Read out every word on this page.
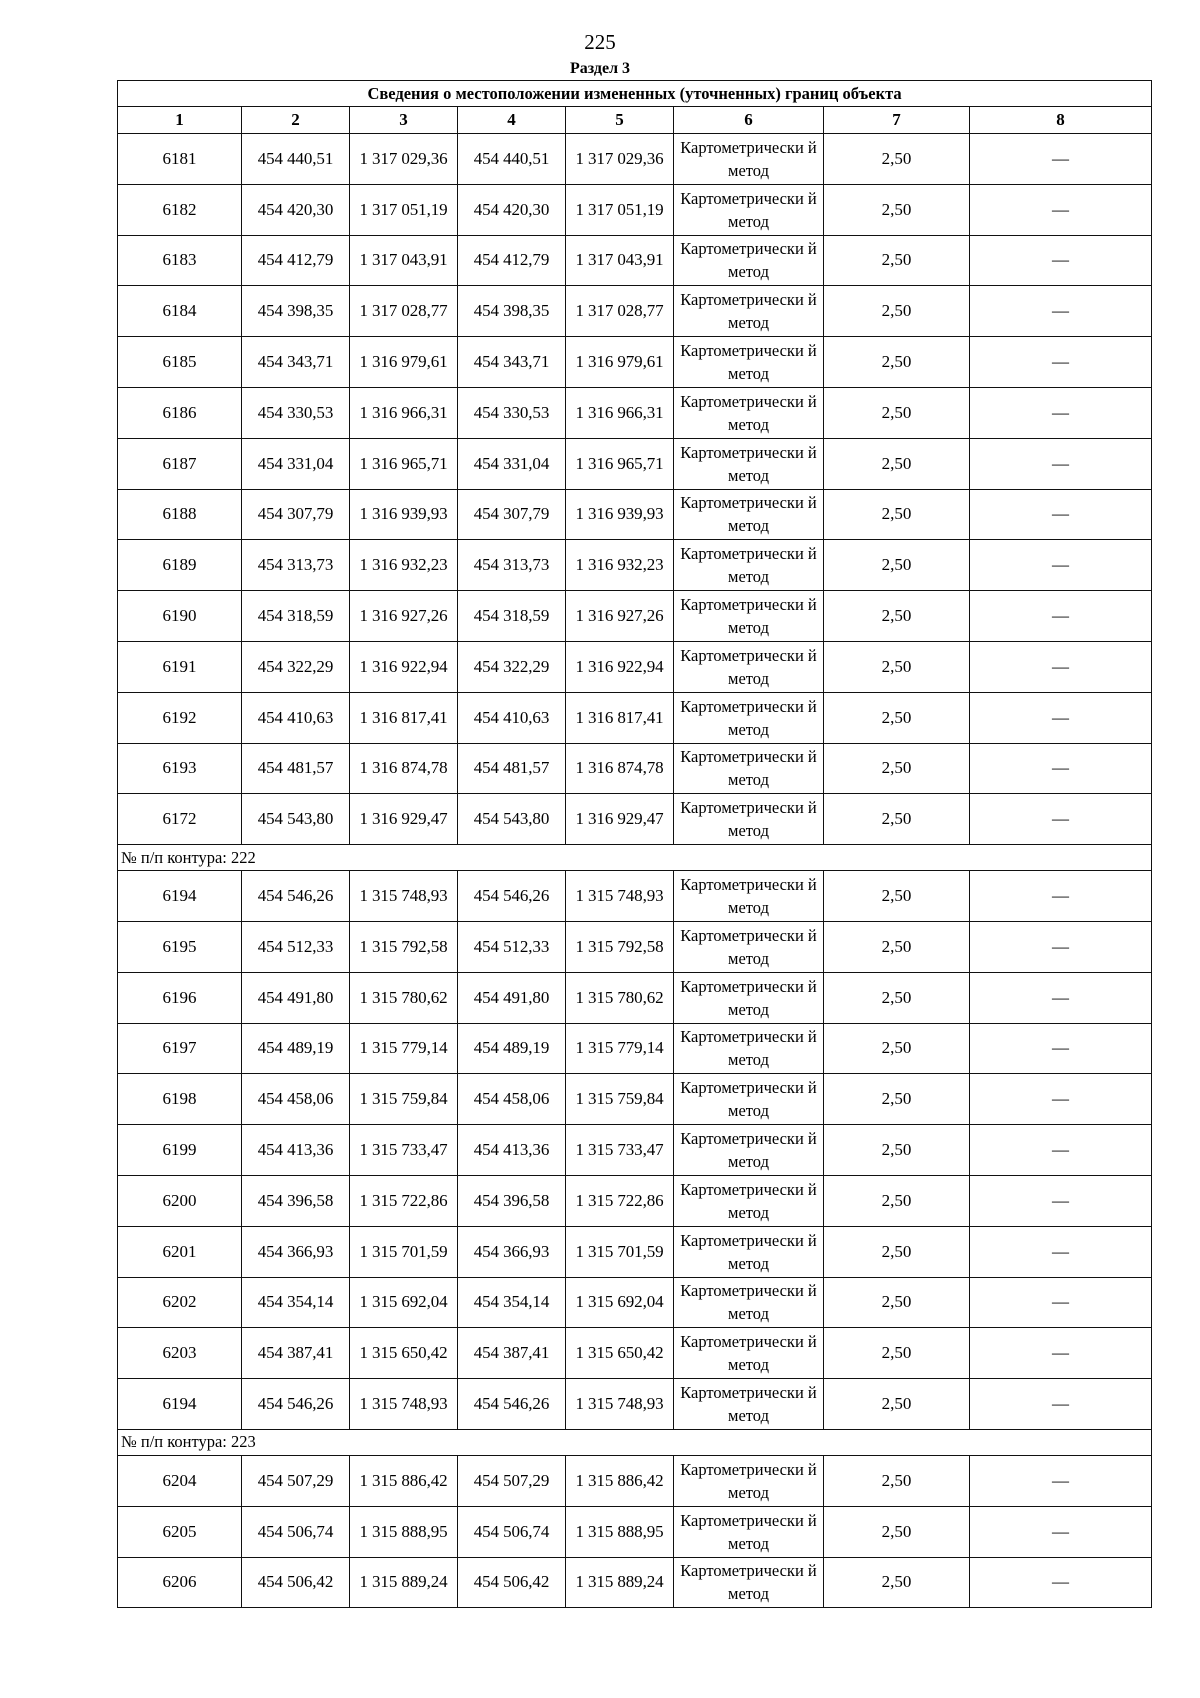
225
Раздел 3
Сведения о местоположении измененных (уточненных) границ объекта							
1	2	3	4	5	6	7	8
6181	454 440,51	1 317 029,36	454 440,51	1 317 029,36	Картометрически й метод	2,50	—
6182	454 420,30	1 317 051,19	454 420,30	1 317 051,19	Картометрически й метод	2,50	—
6183	454 412,79	1 317 043,91	454 412,79	1 317 043,91	Картометрически й метод	2,50	—
6184	454 398,35	1 317 028,77	454 398,35	1 317 028,77	Картометрически й метод	2,50	—
6185	454 343,71	1 316 979,61	454 343,71	1 316 979,61	Картометрически й метод	2,50	—
6186	454 330,53	1 316 966,31	454 330,53	1 316 966,31	Картометрически й метод	2,50	—
6187	454 331,04	1 316 965,71	454 331,04	1 316 965,71	Картометрически й метод	2,50	—
6188	454 307,79	1 316 939,93	454 307,79	1 316 939,93	Картометрически й метод	2,50	—
6189	454 313,73	1 316 932,23	454 313,73	1 316 932,23	Картометрически й метод	2,50	—
6190	454 318,59	1 316 927,26	454 318,59	1 316 927,26	Картометрически й метод	2,50	—
6191	454 322,29	1 316 922,94	454 322,29	1 316 922,94	Картометрически й метод	2,50	—
6192	454 410,63	1 316 817,41	454 410,63	1 316 817,41	Картометрически й метод	2,50	—
6193	454 481,57	1 316 874,78	454 481,57	1 316 874,78	Картометрически й метод	2,50	—
6172	454 543,80	1 316 929,47	454 543,80	1 316 929,47	Картометрически й метод	2,50	—
№ п/п контура: 222							
6194	454 546,26	1 315 748,93	454 546,26	1 315 748,93	Картометрически й метод	2,50	—
6195	454 512,33	1 315 792,58	454 512,33	1 315 792,58	Картометрически й метод	2,50	—
6196	454 491,80	1 315 780,62	454 491,80	1 315 780,62	Картометрически й метод	2,50	—
6197	454 489,19	1 315 779,14	454 489,19	1 315 779,14	Картометрически й метод	2,50	—
6198	454 458,06	1 315 759,84	454 458,06	1 315 759,84	Картометрически й метод	2,50	—
6199	454 413,36	1 315 733,47	454 413,36	1 315 733,47	Картометрически й метод	2,50	—
6200	454 396,58	1 315 722,86	454 396,58	1 315 722,86	Картометрически й метод	2,50	—
6201	454 366,93	1 315 701,59	454 366,93	1 315 701,59	Картометрически й метод	2,50	—
6202	454 354,14	1 315 692,04	454 354,14	1 315 692,04	Картометрически й метод	2,50	—
6203	454 387,41	1 315 650,42	454 387,41	1 315 650,42	Картометрически й метод	2,50	—
6194	454 546,26	1 315 748,93	454 546,26	1 315 748,93	Картометрически й метод	2,50	—
№ п/п контура: 223							
6204	454 507,29	1 315 886,42	454 507,29	1 315 886,42	Картометрически й метод	2,50	—
6205	454 506,74	1 315 888,95	454 506,74	1 315 888,95	Картометрически й метод	2,50	—
6206	454 506,42	1 315 889,24	454 506,42	1 315 889,24	Картометрически й метод	2,50	—
